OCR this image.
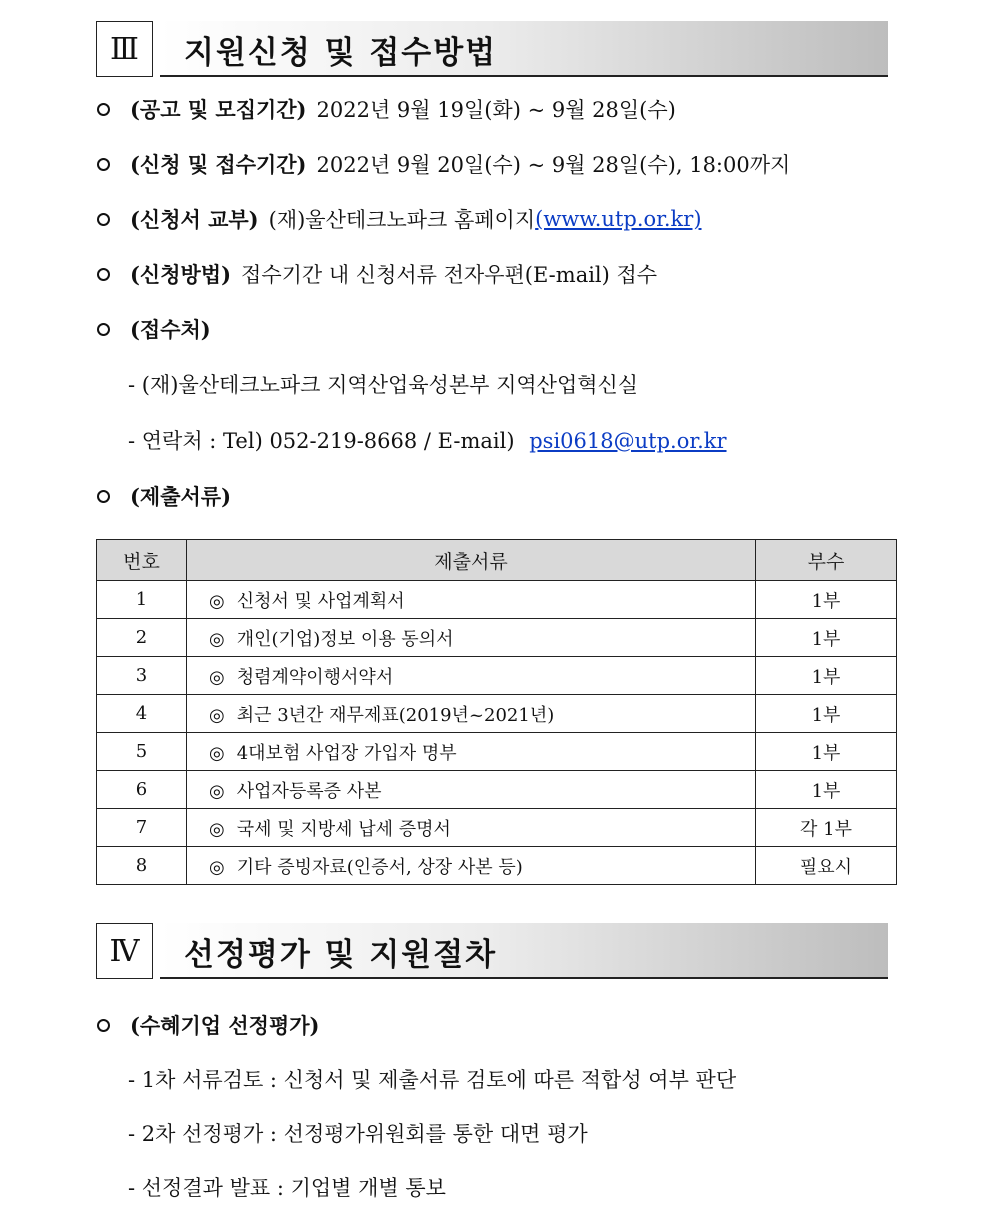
Ⅲ	지원신청 및 접수방법
(공고 및 모집기간) 2022년 9월 19일(화) ~ 9월 28일(수)
(신청 및 접수기간) 2022년 9월 20일(수) ~ 9월 28일(수), 18:00까지
(신청서 교부) (재)울산테크노파크 홈페이지 (www.utp.or.kr)
(신청방법) 접수기간 내 신청서류 전자우편(E-mail) 접수
(접수처)
- (재)울산테크노파크 지역산업육성본부 지역산업혁신실
- 연락처 : Tel) 052-219-8668 / E-mail) psi0618@utp.or.kr
(제출서류)
번호	제출서류	부수
1	◎ 신청서 및 사업계획서	1부
2	◎ 개인(기업)정보 이용 동의서	1부
3	◎ 청렴계약이행서약서	1부
4	◎ 최근 3년간 재무제표(2019년~2021년)	1부
5	◎ 4대보험 사업장 가입자 명부	1부
6	◎ 사업자등록증 사본	1부
7	◎ 국세 및 지방세 납세 증명서	각 1부
8	◎ 기타 증빙자료(인증서, 상장 사본 등)	필요시
Ⅳ	선정평가 및 지원절차
(수혜기업 선정평가)
- 1차 서류검토 : 신청서 및 제출서류 검토에 따른 적합성 여부 판단
- 2차 선정평가 : 선정평가위원회를 통한 대면 평가
- 선정결과 발표 : 기업별 개별 통보
